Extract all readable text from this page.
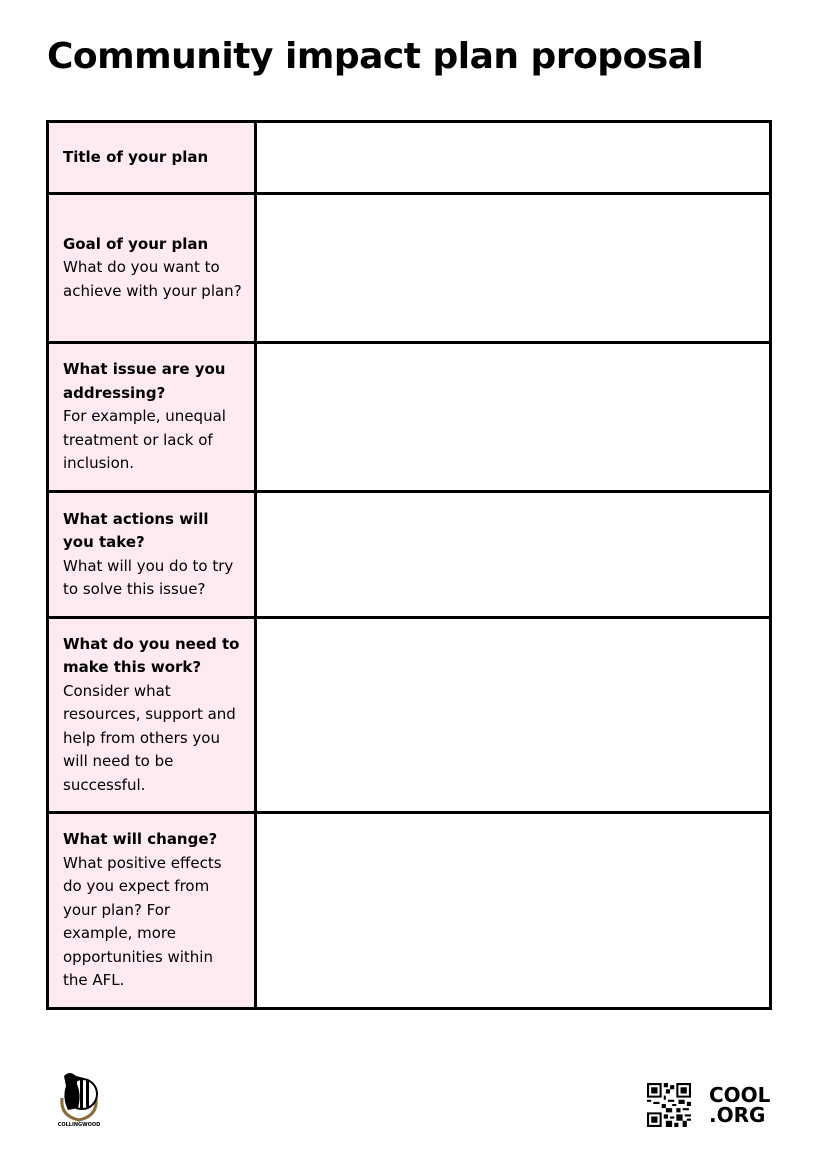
Community impact plan proposal
Title of your plan

Goal of your plan
What do you want to achieve with your plan?

What issue are you  addressing?
For example, unequal treatment or lack of inclusion.

What actions will you take?
What will you do to try to solve this issue?

What do you need to make this work?
Consider what resources, support and help from others you will need to be successful.

What will change?
What positive effects do you expect from your plan? For example, more opportunities within the AFL.

COLLINGWOOD
COOL
.ORG
